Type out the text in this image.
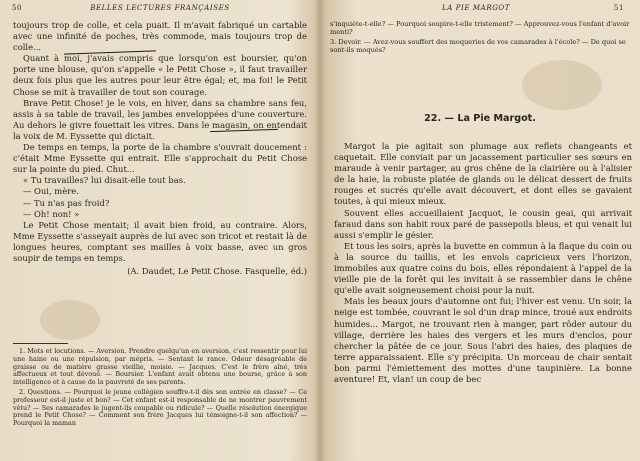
50	BELLES LECTURES FRANÇAISES

toujours trop de colle, et cela puait. Il m'avait fabriqué un cartable avec une infinité de poches, très commode, mais toujours trop de colle...

Quant à moi, j'avais compris que lorsqu'on est boursier, qu'on porte une blouse, qu'on s'appelle « le Petit Chose », il faut travailler deux fois plus que les autres pour leur être égal; et, ma foi! le Petit Chose se mit à travailler de tout son courage.

Brave Petit Chose! je le vois, en hiver, dans sa chambre sans feu, assis à sa table de travail, les jambes enveloppées d'une couverture. Au dehors le givre fouettait les vitres. Dans le magasin, on entendait la voix de M. Eyssette qui dictait.

De temps en temps, la porte de la chambre s'ouvrait doucement : c'était Mme Eyssette qui entrait. Elle s'approchait du Petit Chose sur la pointe du pied. Chut...

« Tu travailles? lui disait-elle tout bas.

— Oui, mère.

— Tu n'as pas froid?

— Oh! non! »

Le Petit Chose mentait; il avait bien froid, au contraire. Alors, Mme Eyssette s'asseyait auprès de lui avec son tricot et restait là de longues heures, comptant ses mailles à voix basse, avec un gros soupir de temps en temps.

(A. Daudet, Le Petit Chose. Fasquelle, éd.)

1. Mots et locutions. — Aversion. Prendre quelqu'un en aversion, c'est ressentir pour lui une haine ou une répulsion, par mépris. — Sentant le rance. Odeur désagréable de graisse ou de matière grasse vieillie, moisie. — Jacques. C'est le frère aîné, très affectueux et tout dévoué. — Boursier. L'enfant avait obtenu une bourse, grâce à son intelligence et à cause de la pauvreté de ses parents.

2. Questions. — Pourquoi le jeune collégien souffre-t-il dès son entrée en classe? — Ce professeur est-il juste et bon? — Cet enfant est-il responsable de ne montrer pauvrement vêtu? — Ses camarades le jugent-ils coupable ou ridicule? — Quelle résolution énergique prend le Petit Chose? — Comment son frère Jacques lui témoigne-t-il son affection? — Pourquoi la maman

LA PIE MARGOT	51

s'inquiète-t-elle? — Pourquoi soupire-t-elle tristement? — Approuvez-vous l'enfant d'avoir menti?

3. Devoir. — Avez-vous souffert des moqueries de vos camarades à l'école? — De quoi se sont-ils moqués?

22. — La Pie Margot.

Margot la pie agitait son plumage aux reflets changeants et caquetait. Elle conviait par un jacassement particulier ses sœurs en maraude à venir partager, au gros chêne de la clairière ou à l'alisier de la haie, la robuste platée de glands ou le délicat dessert de fruits rouges et sucrés qu'elle avait découvert, et dont elles se gavaient toutes, à qui mieux mieux.

Souvent elles accueillaient Jacquot, le cousin geai, qui arrivait faraud dans son habit roux paré de passepoils bleus, et qui venait lui aussi s'emplir le gésier.

Et tous les soirs, après la buvette en commun à la flaque du coin ou à la source du taillis, et les envols capricieux vers l'horizon, immobiles aux quatre coins du bois, elles répondaient à l'appel de la vieille pie de la forêt qui les invitait à se rassembler dans le chêne qu'elle avait soigneusement choisi pour la nuit.

Mais les beaux jours d'automne ont fui; l'hiver est venu. Un soir, la neige est tombée, couvrant le sol d'un drap mince, troué aux endroits humides... Margot, ne trouvant rien à manger, part rôder autour du village, derrière les haies des vergers et les murs d'enclos, pour chercher la pâtée de ce jour. Sous l'abri des haies, des plaques de terre apparaissaient. Elle s'y précipita. Un morceau de chair sentait bon parmi l'émiettement des mottes d'une taupinière. La bonne aventure! Et, vlan! un coup de bec
